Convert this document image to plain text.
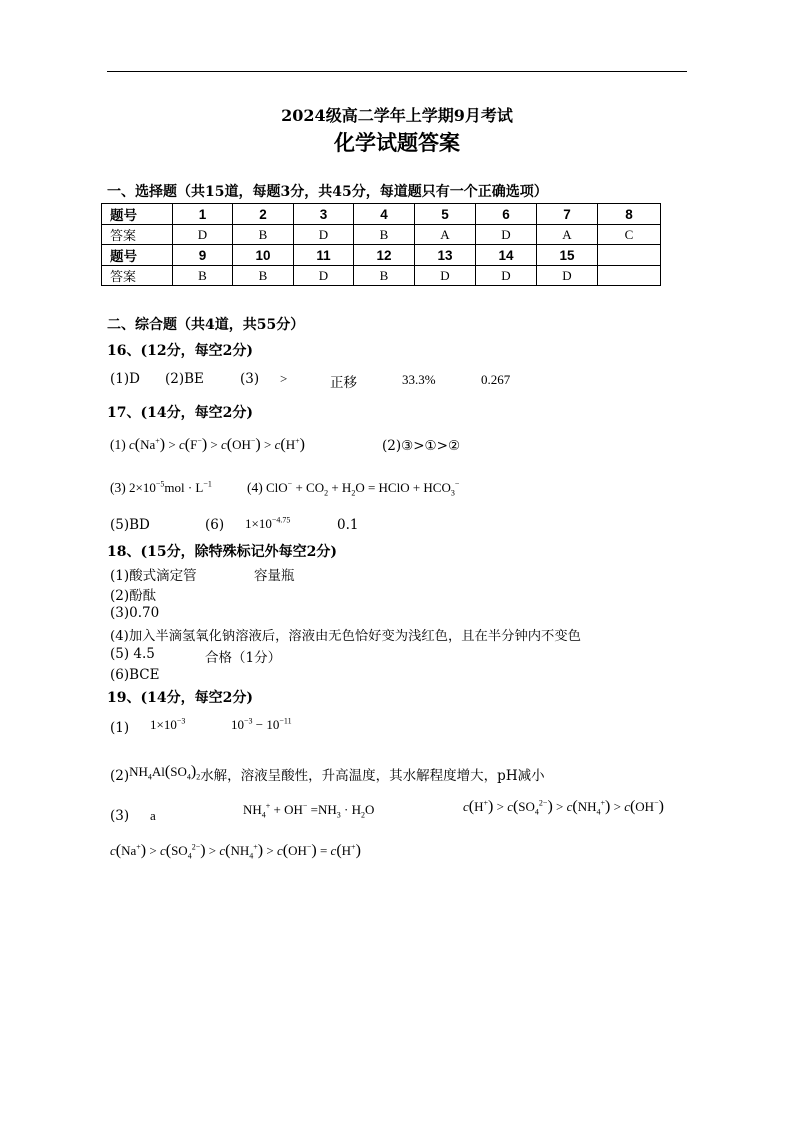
2024级高二学年上学期9月考试
化学试题答案
一、选择题（共15道，每题3分，共45分，每道题只有一个正确选项）
题号	1	2	3	4	5	6	7	8
答案	D	B	D	B	A	D	A	C
题号	9	10	11	12	13	14	15	
答案	B	B	D	B	D	D	D	
二、综合题（共4道，共55分）
16、(12分，每空2分)
(1)D (2)BE	(3) >	正移	33.3%	0.267
17、(14分，每空2分)
(1) c(Na+) > c(F−) > c(OH−) > c(H+)	(2)③>①>②
(3) $2\times 10^{-5}mol \cdot L^{-1}$	(4) $ClO^- + CO_2 + H_2O$ = HClO + $HCO_3^-$
(5)BD	(6) $1\times 10^{-4.75}$	0.1
18、(15分，除特殊标记外每空2分)
(1)酸式滴定管	容量瓶
(2)酚酞
(3)0.70
(4)加入半滴氢氧化钠溶液后，溶液由无色恰好变为浅红色，且在半分钟内不变色
(5) 4.5	合格（1分）
(6)BCE
19、(14分，每空2分)
(1) $1\times 10^{-3}$	$10^{-3} - 10^{-11}$
$(2)NH_4Al(SO_4)_2$水解，溶液呈酸性，升高温度，其水解程度增大，pH减小
(3) a	$NH_4^+ + OH^- =NH_3 \cdot H_2O$	$c(H^+) > c(SO_4^{2-}) > c(NH_4^+) > c(OH^-)$
$c(Na^+) > c(SO_4^{2-}) > c(NH_4^+) > c(OH^-) = c(H^+)$
